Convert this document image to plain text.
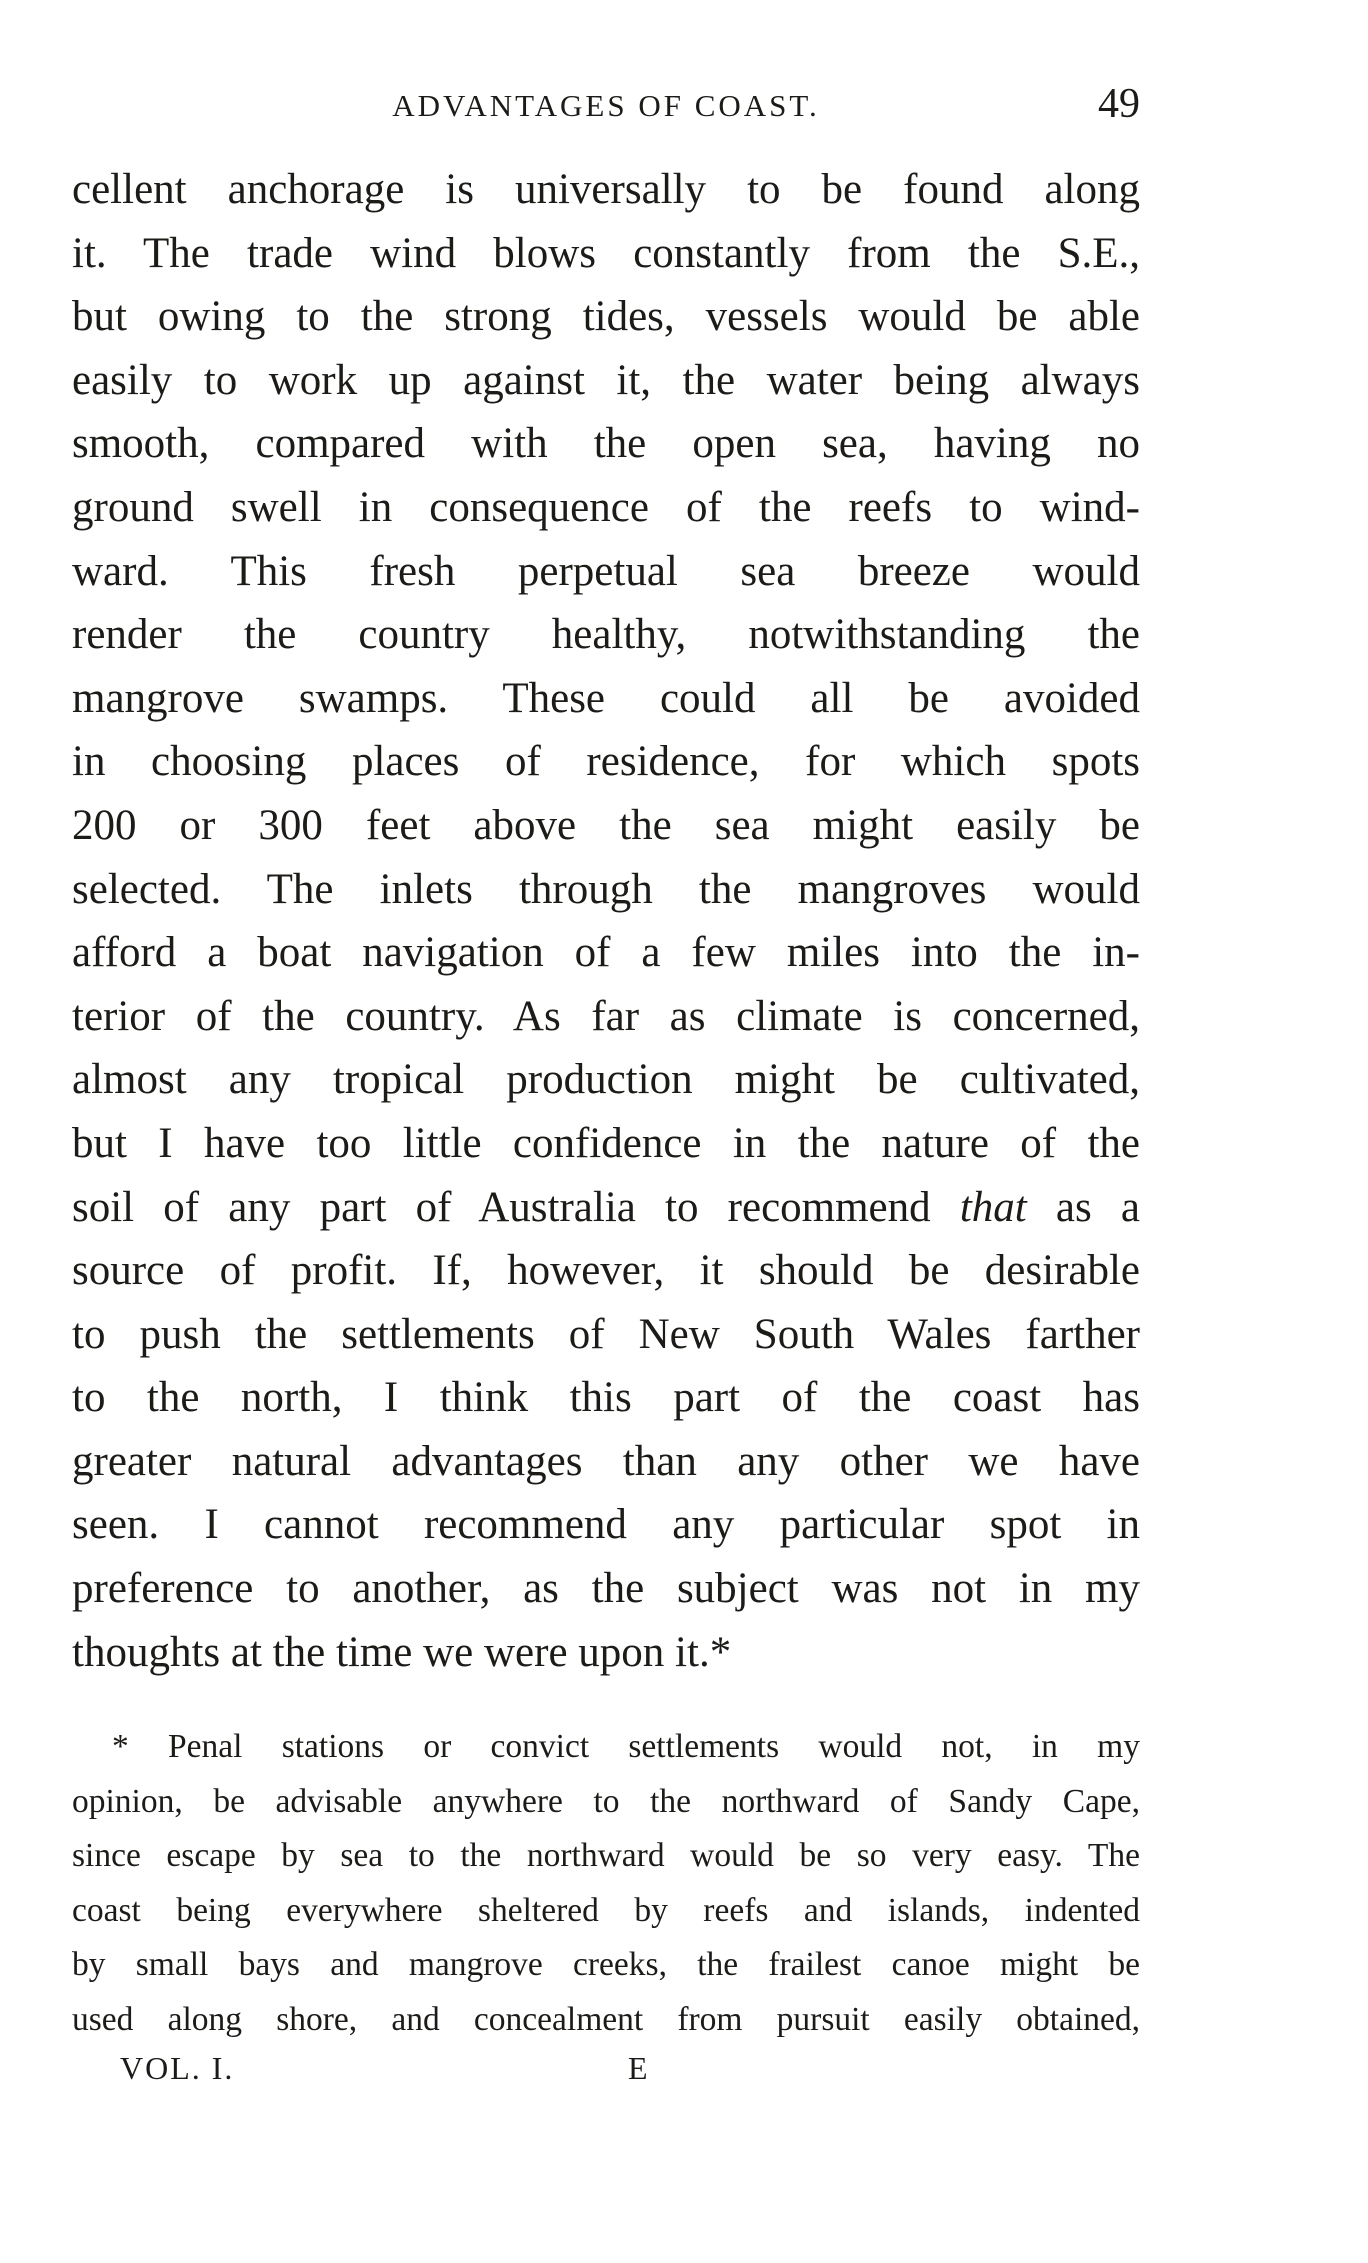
ADVANTAGES OF COAST.	49
cellent anchorage is universally to be found along
it. The trade wind blows constantly from the S.E.,
but owing to the strong tides, vessels would be able
easily to work up against it, the water being always
smooth, compared with the open sea, having no
ground swell in consequence of the reefs to wind-
ward. This fresh perpetual sea breeze would
render the country healthy, notwithstanding the
mangrove swamps. These could all be avoided
in choosing places of residence, for which spots
200 or 300 feet above the sea might easily be
selected. The inlets through the mangroves would
afford a boat navigation of a few miles into the in-
terior of the country. As far as climate is concerned,
almost any tropical production might be cultivated,
but I have too little confidence in the nature of the
soil of any part of Australia to recommend that as a
source of profit. If, however, it should be desirable
to push the settlements of New South Wales farther
to the north, I think this part of the coast has
greater natural advantages than any other we have
seen. I cannot recommend any particular spot in
preference to another, as the subject was not in my
thoughts at the time we were upon it.*
* Penal stations or convict settlements would not, in my
opinion, be advisable anywhere to the northward of Sandy Cape,
since escape by sea to the northward would be so very easy. The
coast being everywhere sheltered by reefs and islands, indented
by small bays and mangrove creeks, the frailest canoe might be
used along shore, and concealment from pursuit easily obtained,
VOL. I.	E
